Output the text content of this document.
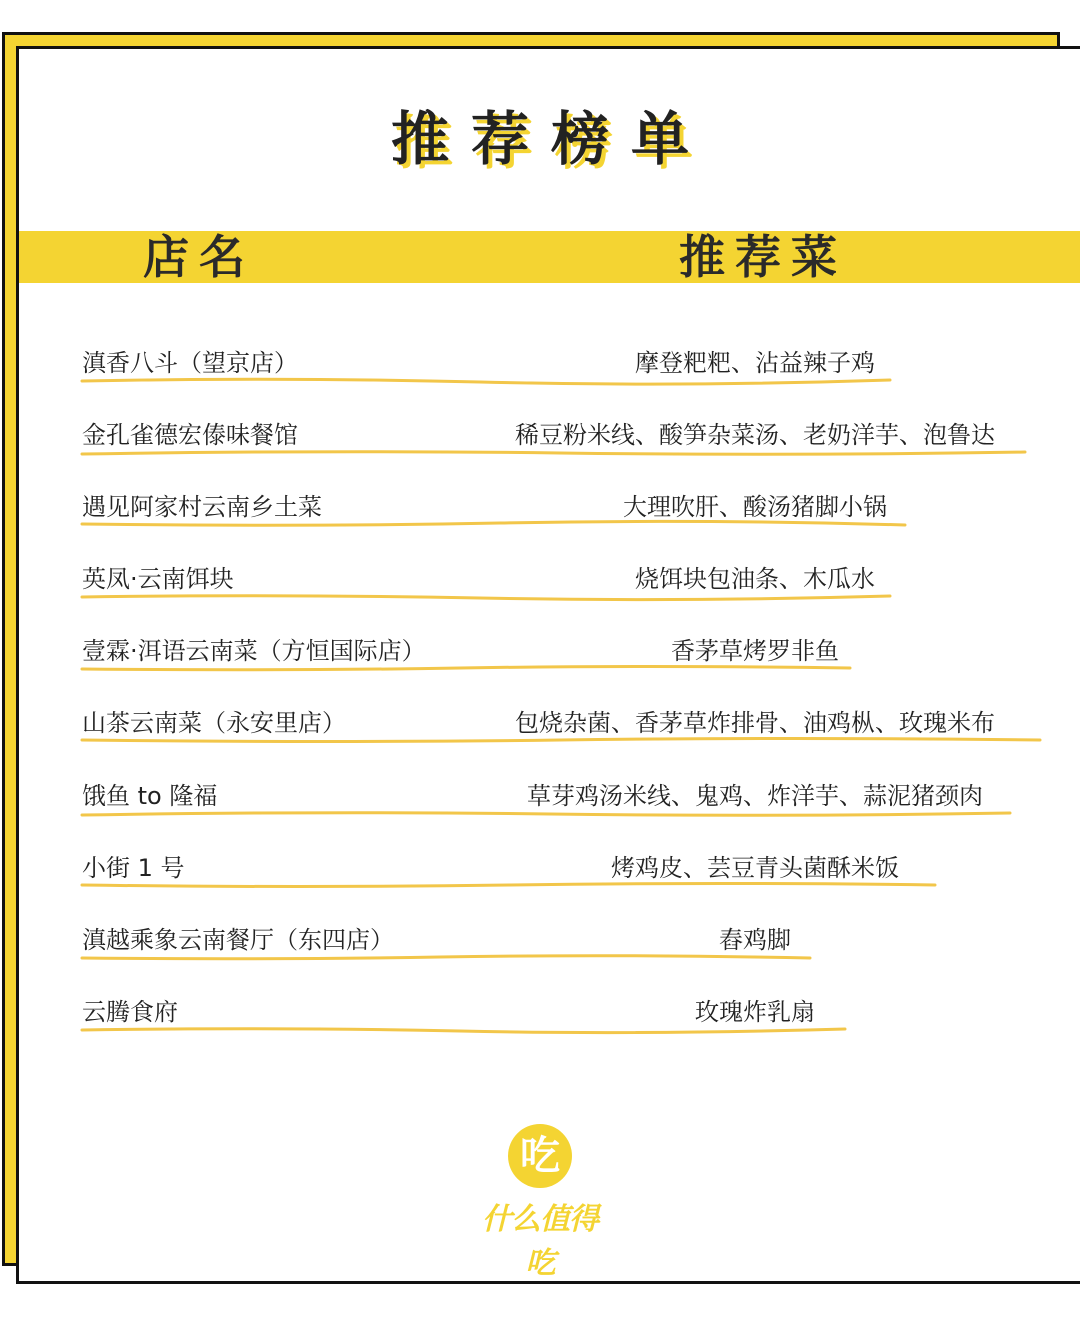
推荐榜单
店名	推荐菜
滇香八斗（望京店）	摩登粑粑、沾益辣子鸡
金孔雀德宏傣味餐馆	稀豆粉米线、酸笋杂菜汤、老奶洋芋、泡鲁达
遇见阿家村云南乡土菜	大理吹肝、酸汤猪脚小锅
英凤·云南饵块	烧饵块包油条、木瓜水
壹霖·洱语云南菜（方恒国际店）	香茅草烤罗非鱼
山茶云南菜（永安里店）	包烧杂菌、香茅草炸排骨、油鸡枞、玫瑰米布
饿鱼 to 隆福	草芽鸡汤米线、鬼鸡、炸洋芋、蒜泥猪颈肉
小街 1 号	烤鸡皮、芸豆青头菌酥米饭
滇越乘象云南餐厅（东四店）	舂鸡脚
云腾食府	玫瑰炸乳扇
吃
什么值得吃
